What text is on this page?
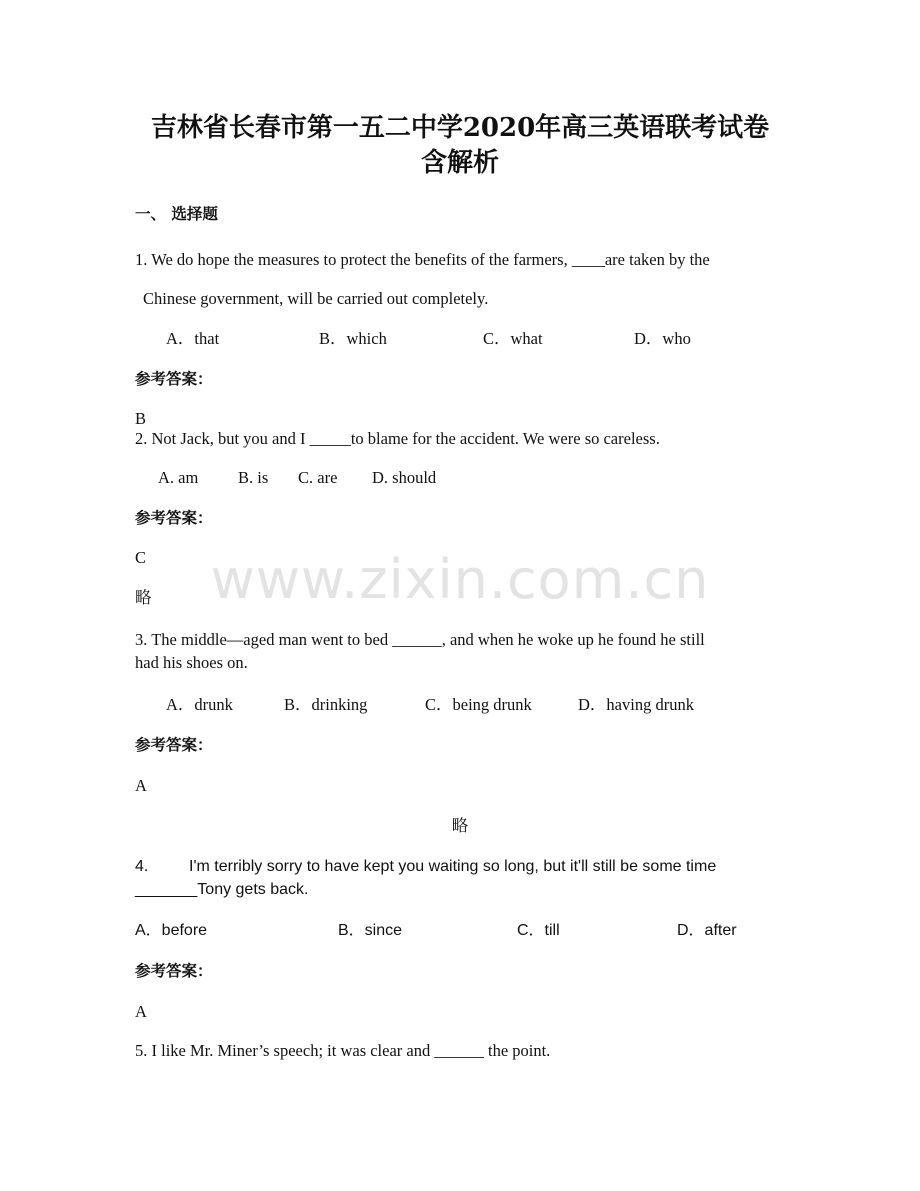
吉林省长春市第一五二中学2020年高三英语联考试卷
含解析
www.zixin.com.cn
一、 选择题
1. We do hope the measures to protect the benefits of the farmers, ____are taken by the
Chinese government, will be carried out completely.
A．that	B．which	C．what	D．who
参考答案：
B
2. Not Jack, but you and I _____to blame for the accident. We were so careless.
A. am B. is C. are D. should
参考答案：
C
略
3. The middle—aged man went to bed ______, and when he woke up he found he still
had his shoes on.
A．drunk	B．drinking	C．being drunk	D．having drunk
参考答案：
A
略
4.	I'm terribly sorry to have kept you waiting so long, but it'll still be some time
_______Tony gets back.
A．before	B．since	C．till	D．after
参考答案：
A
5. I like Mr. Miner’s speech; it was clear and ______ the point.
